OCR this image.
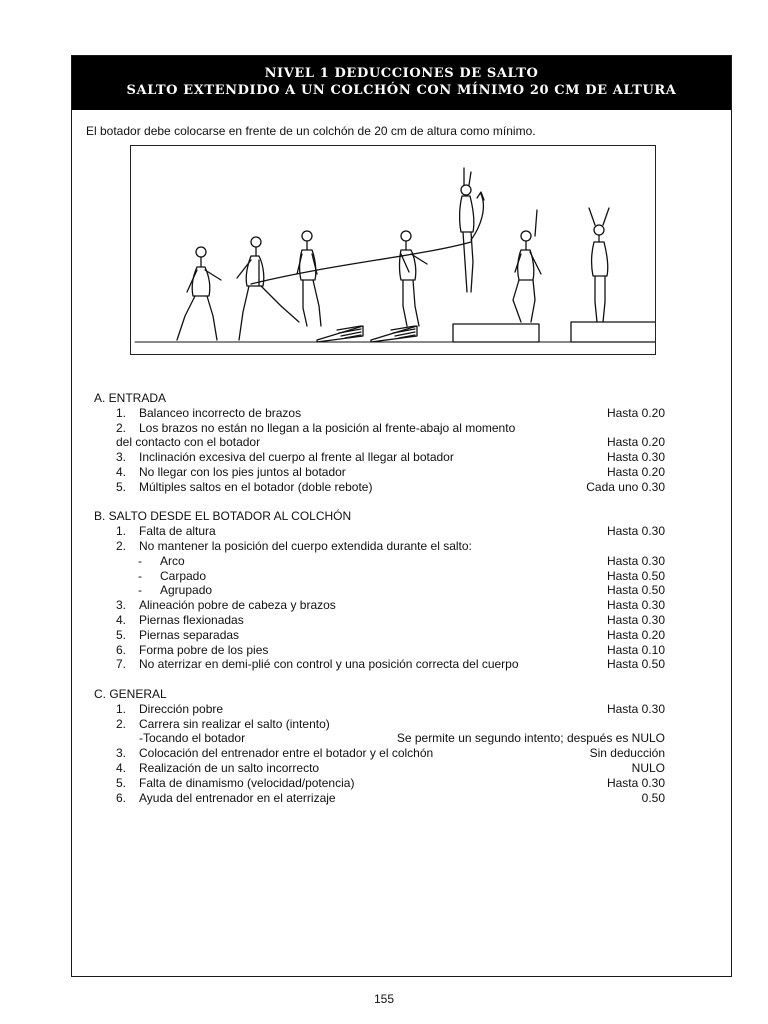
NIVEL 1 DEDUCCIONES DE SALTO
SALTO EXTENDIDO A UN COLCHÓN CON MÍNIMO 20 CM DE ALTURA
El botador debe colocarse en frente de un colchón de 20 cm de altura como mínimo.
A. ENTRADA
1.	Balanceo incorrecto de brazos	Hasta 0.20
2.	Los brazos no están no llegan a la posición al frente-abajo al momento
del contacto con el botador	Hasta 0.20
3.	Inclinación excesiva del cuerpo al frente al llegar al botador	Hasta 0.30
4.	No llegar con los pies juntos al botador	Hasta 0.20
5.	Múltiples saltos en el botador (doble rebote)	Cada uno 0.30
B. SALTO DESDE EL BOTADOR AL COLCHÓN
1.	Falta de altura	Hasta 0.30
2.	No mantener la posición del cuerpo extendida durante el salto:
-	Arco	Hasta 0.30
-	Carpado	Hasta 0.50
-	Agrupado	Hasta 0.50
3.	Alineación pobre de cabeza y brazos	Hasta 0.30
4.	Piernas flexionadas	Hasta 0.30
5.	Piernas separadas	Hasta 0.20
6.	Forma pobre de los pies	Hasta 0.10
7.	No aterrizar en demi-plié con control y una posición correcta del cuerpo	Hasta 0.50
C. GENERAL
1.	Dirección pobre	Hasta 0.30
2.	Carrera sin realizar el salto (intento)
-Tocando el botador	Se permite un segundo intento; después es NULO
3.	Colocación del entrenador entre el botador y el colchón	Sin deducción
4.	Realización de un salto incorrecto	NULO
5.	Falta de dinamismo (velocidad/potencia)	Hasta 0.30
6.	Ayuda del entrenador en el aterrizaje	0.50
155
